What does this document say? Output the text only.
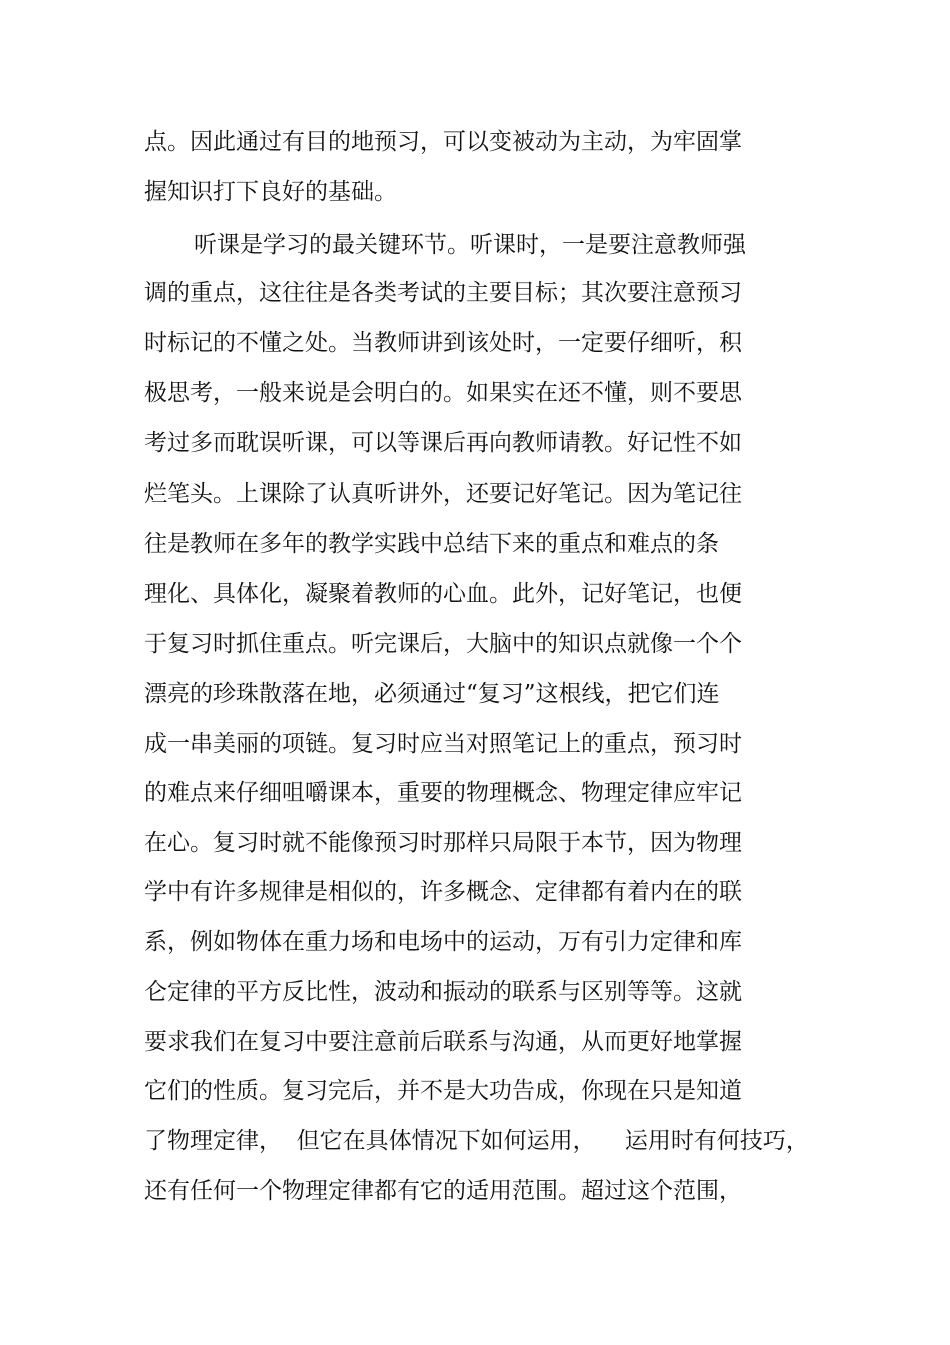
点。因此通过有目的地预习，可以变被动为主动，为牢固掌
握知识打下良好的基础。
听课是学习的最关键环节。听课时，一是要注意教师强
调的重点，这往往是各类考试的主要目标；其次要注意预习
时标记的不懂之处。当教师讲到该处时，一定要仔细听，积
极思考，一般来说是会明白的。如果实在还不懂，则不要思
考过多而耽误听课，可以等课后再向教师请教。好记性不如
烂笔头。上课除了认真听讲外，还要记好笔记。因为笔记往
往是教师在多年的教学实践中总结下来的重点和难点的条
理化、具体化，凝聚着教师的心血。此外，记好笔记，也便
于复习时抓住重点。听完课后，大脑中的知识点就像一个个
漂亮的珍珠散落在地，必须通过“复习”这根线，把它们连
成一串美丽的项链。复习时应当对照笔记上的重点，预习时
的难点来仔细咀嚼课本，重要的物理概念、物理定律应牢记
在心。复习时就不能像预习时那样只局限于本节，因为物理
学中有许多规律是相似的，许多概念、定律都有着内在的联
系，例如物体在重力场和电场中的运动，万有引力定律和库
仑定律的平方反比性，波动和振动的联系与区别等等。这就
要求我们在复习中要注意前后联系与沟通，从而更好地掌握
它们的性质。复习完后，并不是大功告成，你现在只是知道
了物理定律，  但它在具体情况下如何运用，    运用时有何技巧，
还有任何一个物理定律都有它的适用范围。超过这个范围，
